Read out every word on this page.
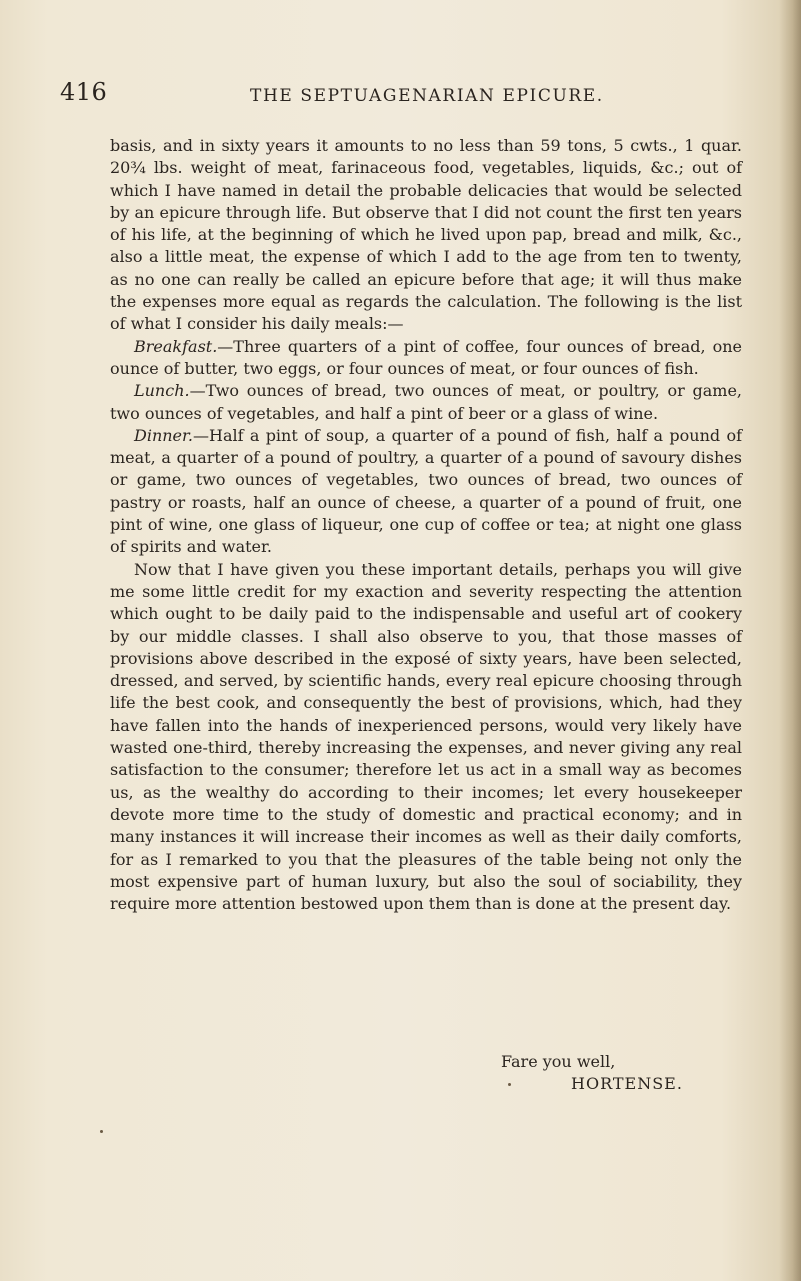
416	THE SEPTUAGENARIAN EPICURE.

basis, and in sixty years it amounts to no less than 59 tons, 5 cwts., 1 quar. 20¾ lbs. weight of meat, farinaceous food, vegetables, liquids, &c.; out of which I have named in detail the probable delicacies that would be selected by an epicure through life. But observe that I did not count the first ten years of his life, at the beginning of which he lived upon pap, bread and milk, &c., also a little meat, the expense of which I add to the age from ten to twenty, as no one can really be called an epicure before that age; it will thus make the expenses more equal as regards the calculation. The following is the list of what I consider his daily meals:—

Breakfast.—Three quarters of a pint of coffee, four ounces of bread, one ounce of butter, two eggs, or four ounces of meat, or four ounces of fish.

Lunch.—Two ounces of bread, two ounces of meat, or poultry, or game, two ounces of vegetables, and half a pint of beer or a glass of wine.

Dinner.—Half a pint of soup, a quarter of a pound of fish, half a pound of meat, a quarter of a pound of poultry, a quarter of a pound of savoury dishes or game, two ounces of vegetables, two ounces of bread, two ounces of pastry or roasts, half an ounce of cheese, a quarter of a pound of fruit, one pint of wine, one glass of liqueur, one cup of coffee or tea; at night one glass of spirits and water.

Now that I have given you these important details, perhaps you will give me some little credit for my exaction and severity respecting the attention which ought to be daily paid to the indispensable and useful art of cookery by our middle classes. I shall also observe to you, that those masses of provisions above described in the exposé of sixty years, have been selected, dressed, and served, by scientific hands, every real epicure choosing through life the best cook, and consequently the best of provisions, which, had they have fallen into the hands of inexperienced persons, would very likely have wasted one-third, thereby increasing the expenses, and never giving any real satisfaction to the consumer; therefore let us act in a small way as becomes us, as the wealthy do according to their incomes; let every housekeeper devote more time to the study of domestic and practical economy; and in many instances it will increase their incomes as well as their daily comforts, for as I remarked to you that the pleasures of the table being not only the most expensive part of human luxury, but also the soul of sociability, they require more attention bestowed upon them than is done at the present day.

Fare you well,
HORTENSE.
